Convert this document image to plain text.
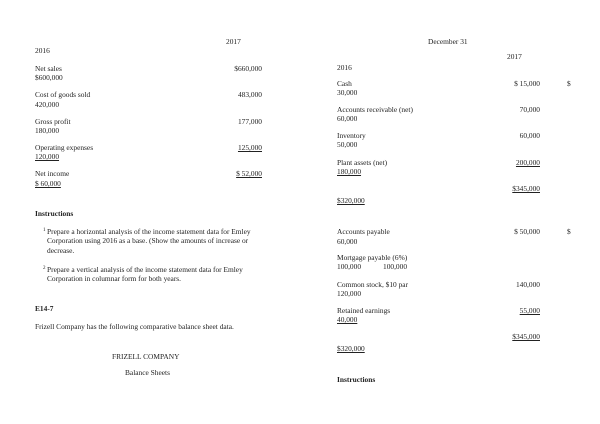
2017
2016
Net sales	$660,000
$600,000
Cost of goods sold	483,000
420,000
Gross profit	177,000
180,000
Operating expenses	125,000
120,000
Net income	$ 52,000
$ 60,000
Instructions
1 Prepare a horizontal analysis of the income statement data for Emley Corporation using 2016 as a base. (Show the amounts of increase or decrease.
2 Prepare a vertical analysis of the income statement data for Emley Corporation in columnar form for both years.
E14-7
Frizell Company has the following comparative balance sheet data.
FRIZELL COMPANY
Balance Sheets
December 31
2017
2016
Cash	$ 15,000	$
30,000
Accounts receivable (net)	70,000
60,000
Inventory	60,000
50,000
Plant assets (net)	200,000
180,000
$345,000
$320,000
Accounts payable	$ 50,000	$
60,000
Mortgage payable (6%)
100,000	100,000
Common stock, $10 par	140,000
120,000
Retained earnings	55,000
40,000
$345,000
$320,000
Instructions
